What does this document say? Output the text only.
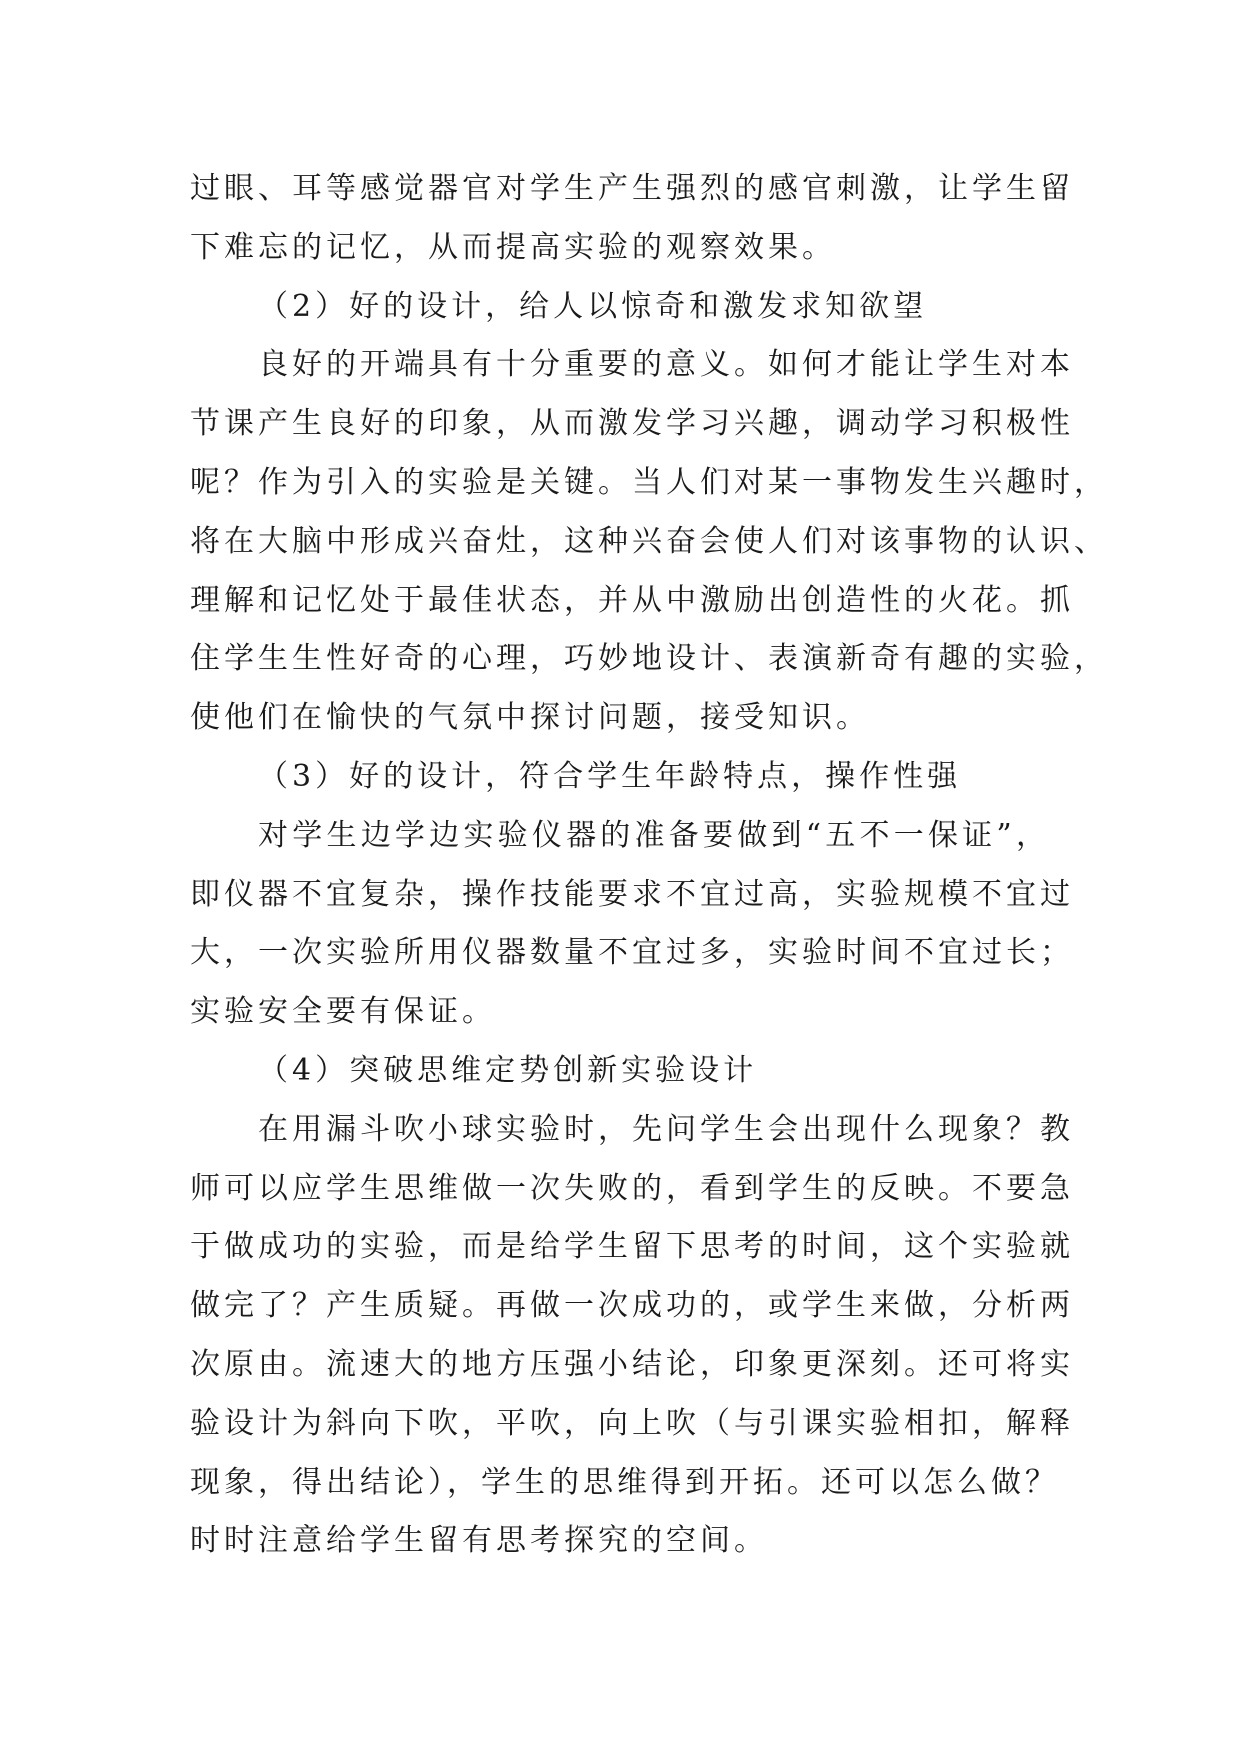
过眼、耳等感觉器官对学生产生强烈的感官刺激，让学生留
下难忘的记忆，从而提高实验的观察效果。
（2）好的设计，给人以惊奇和激发求知欲望
良好的开端具有十分重要的意义。如何才能让学生对本
节课产生良好的印象，从而激发学习兴趣，调动学习积极性
呢？作为引入的实验是关键。当人们对某一事物发生兴趣时，
将在大脑中形成兴奋灶，这种兴奋会使人们对该事物的认识、
理解和记忆处于最佳状态，并从中激励出创造性的火花。抓
住学生生性好奇的心理，巧妙地设计、表演新奇有趣的实验，
使他们在愉快的气氛中探讨问题，接受知识。
（3）好的设计，符合学生年龄特点，操作性强
对学生边学边实验仪器的准备要做到“五不一保证”，
即仪器不宜复杂，操作技能要求不宜过高，实验规模不宜过
大，一次实验所用仪器数量不宜过多，实验时间不宜过长；
实验安全要有保证。
（4）突破思维定势创新实验设计
在用漏斗吹小球实验时，先问学生会出现什么现象？教
师可以应学生思维做一次失败的，看到学生的反映。不要急
于做成功的实验，而是给学生留下思考的时间，这个实验就
做完了？产生质疑。再做一次成功的，或学生来做，分析两
次原由。流速大的地方压强小结论，印象更深刻。还可将实
验设计为斜向下吹，平吹，向上吹（与引课实验相扣，解释
现象，得出结论），学生的思维得到开拓。还可以怎么做？
时时注意给学生留有思考探究的空间。
